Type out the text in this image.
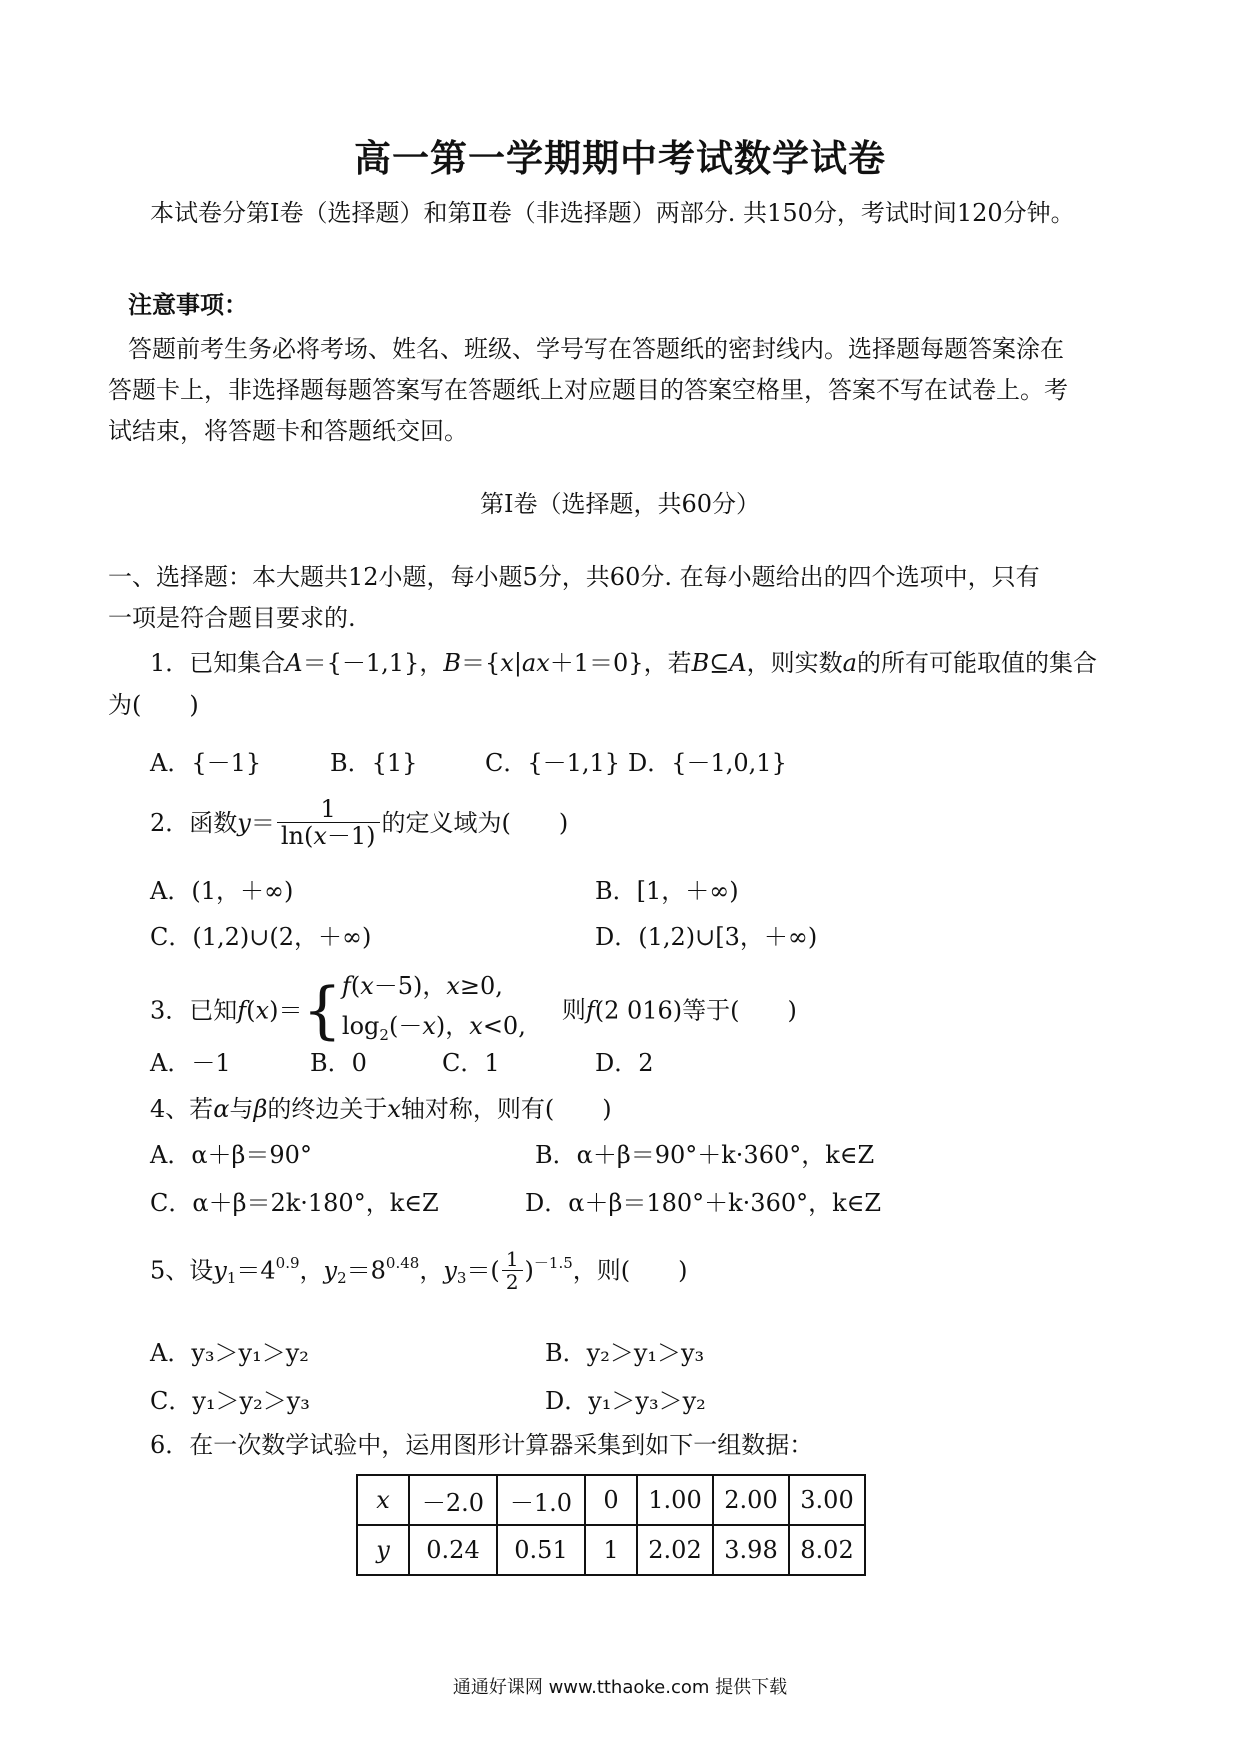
高一第一学期期中考试数学试卷
本试卷分第Ⅰ卷（选择题）和第Ⅱ卷（非选择题）两部分. 共150分，考试时间120分钟。
注意事项：
答题前考生务必将考场、姓名、班级、学号写在答题纸的密封线内。选择题每题答案涂在
答题卡上，非选择题每题答案写在答题纸上对应题目的答案空格里，答案不写在试卷上。考
试结束，将答题卡和答题纸交回。
第Ⅰ卷（选择题，共60分）
一、选择题：本大题共12小题，每小题5分，共60分. 在每小题给出的四个选项中，只有
一项是符合题目要求的.
1．已知集合A＝{－1,1}，B＝{x|ax＋1＝0}，若B⊆A，则实数a的所有可能取值的集合
为(　　)
A．{－1}	B．{1}	C．{－1,1} D．{－1,0,1}
2．函数$y= \frac{1}{\ln(x-1)}$ 的定义域为(　　)
A．(1，＋∞)	B．[1，＋∞)
C．(1,2)∪(2，＋∞)	D．(1,2)∪[3，＋∞)
3．已知f(x)＝{ f(x－5)，x≥0,
$\log_2(-x)$，x<0,
则f(2 016)等于(　　)
A．－1	B．0	C．1	D．2
4、若α与β的终边关于x轴对称，则有(　　)
A．α＋β＝90°	B．α＋β＝90°＋k·360°，k∈Z
C．α＋β＝2k·180°，k∈Z	D．α＋β＝180°＋k·360°，k∈Z
5、设$y_1=4^{0.9}$，$y_2=8^{0.48}$，$y_3=( \frac{1}{2} )^{-1.5}$，则(　　)
A．y₃＞y₁＞y₂	B．y₂＞y₁＞y₃
C．y₁＞y₂＞y₃	D．y₁＞y₃＞y₂
6．在一次数学试验中，运用图形计算器采集到如下一组数据：
x	－2.0	－1.0	0	1.00	2.00	3.00
y	0.24	0.51	1	2.02	3.98	8.02
通通好课网 www.tthaoke.com 提供下载
